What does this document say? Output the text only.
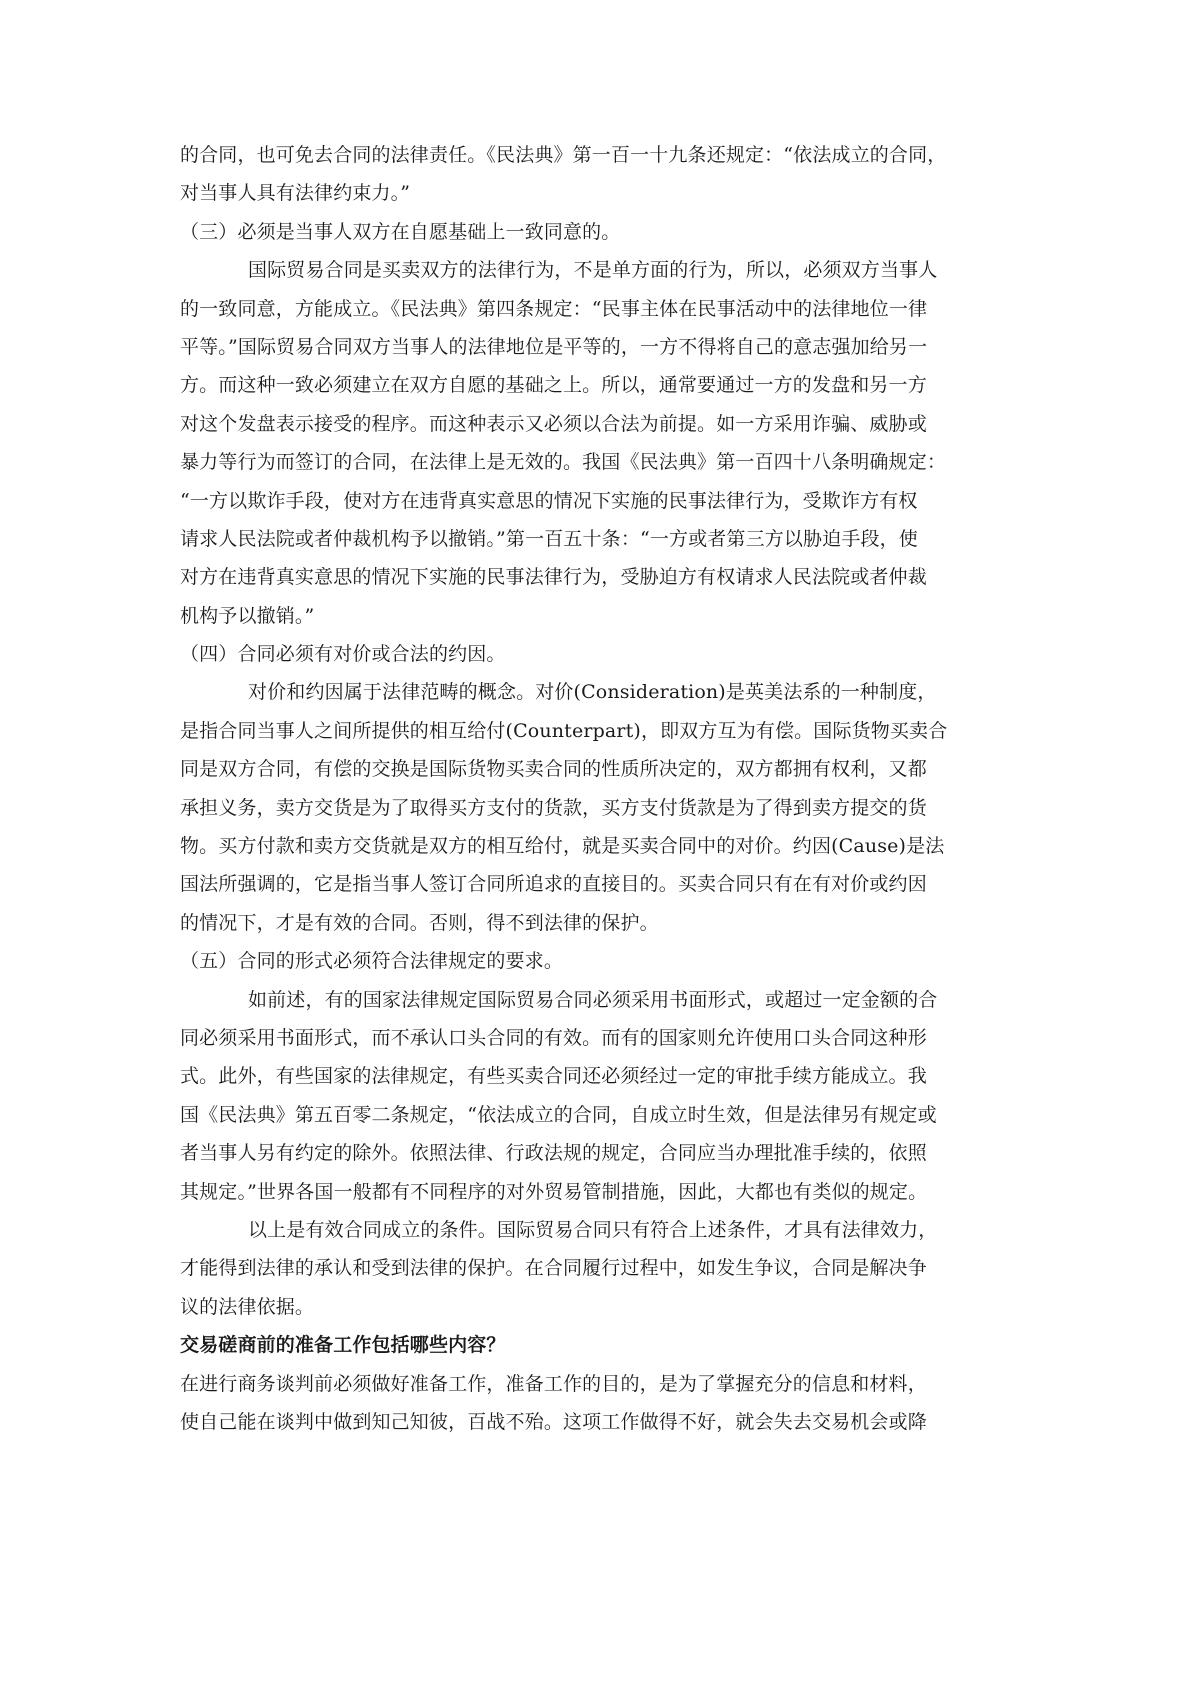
的合同，也可免去合同的法律责任。《民法典》第一百一十九条还规定：“依法成立的合同，
对当事人具有法律约束力。”
（三）必须是当事人双方在自愿基础上一致同意的。
国际贸易合同是买卖双方的法律行为，不是单方面的行为，所以，必须双方当事人
的一致同意，方能成立。《民法典》第四条规定：“民事主体在民事活动中的法律地位一律
平等。”国际贸易合同双方当事人的法律地位是平等的，一方不得将自己的意志强加给另一
方。而这种一致必须建立在双方自愿的基础之上。所以，通常要通过一方的发盘和另一方
对这个发盘表示接受的程序。而这种表示又必须以合法为前提。如一方采用诈骗、威胁或
暴力等行为而签订的合同，在法律上是无效的。我国《民法典》第一百四十八条明确规定：
“一方以欺诈手段，使对方在违背真实意思的情况下实施的民事法律行为，受欺诈方有权
请求人民法院或者仲裁机构予以撤销。”第一百五十条：“一方或者第三方以胁迫手段，使
对方在违背真实意思的情况下实施的民事法律行为，受胁迫方有权请求人民法院或者仲裁
机构予以撤销。”
（四）合同必须有对价或合法的约因。
对价和约因属于法律范畴的概念。对价(Consideration)是英美法系的一种制度，
是指合同当事人之间所提供的相互给付(Counterpart)，即双方互为有偿。国际货物买卖合
同是双方合同，有偿的交换是国际货物买卖合同的性质所决定的，双方都拥有权利，又都
承担义务，卖方交货是为了取得买方支付的货款，买方支付货款是为了得到卖方提交的货
物。买方付款和卖方交货就是双方的相互给付，就是买卖合同中的对价。约因(Cause)是法
国法所强调的，它是指当事人签订合同所追求的直接目的。买卖合同只有在有对价或约因
的情况下，才是有效的合同。否则，得不到法律的保护。
（五）合同的形式必须符合法律规定的要求。
如前述，有的国家法律规定国际贸易合同必须采用书面形式，或超过一定金额的合
同必须采用书面形式，而不承认口头合同的有效。而有的国家则允许使用口头合同这种形
式。此外，有些国家的法律规定，有些买卖合同还必须经过一定的审批手续方能成立。我
国《民法典》第五百零二条规定，“依法成立的合同，自成立时生效，但是法律另有规定或
者当事人另有约定的除外。依照法律、行政法规的规定，合同应当办理批准手续的，依照
其规定。”世界各国一般都有不同程序的对外贸易管制措施，因此，大都也有类似的规定。
以上是有效合同成立的条件。国际贸易合同只有符合上述条件，才具有法律效力，
才能得到法律的承认和受到法律的保护。在合同履行过程中，如发生争议，合同是解决争
议的法律依据。
交易磋商前的准备工作包括哪些内容？
在进行商务谈判前必须做好准备工作，准备工作的目的，是为了掌握充分的信息和材料，
使自己能在谈判中做到知己知彼，百战不殆。这项工作做得不好，就会失去交易机会或降
